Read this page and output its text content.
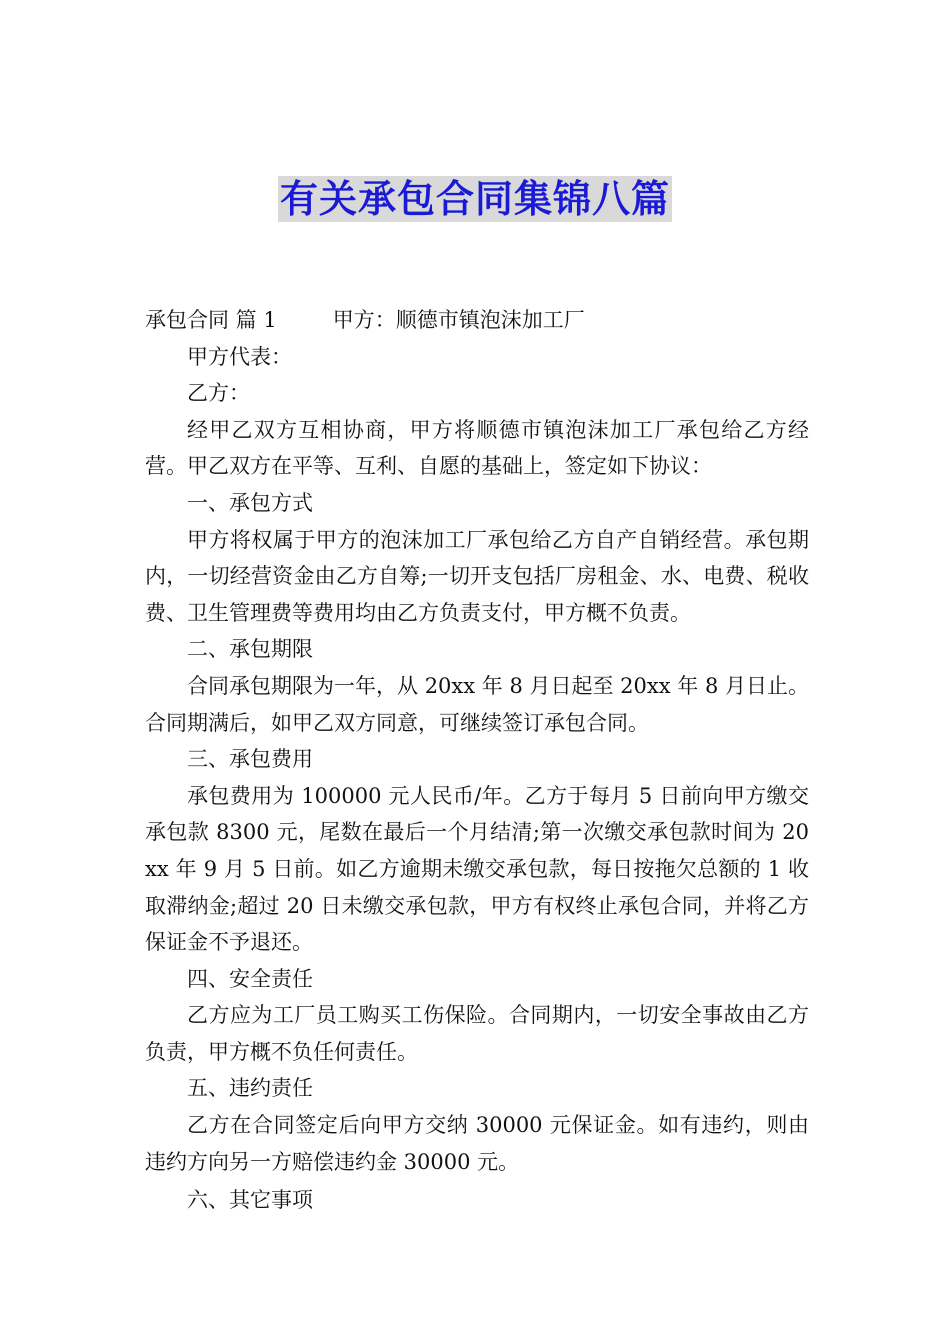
有关承包合同集锦八篇

承包合同 篇 1	甲方：顺德市镇泡沫加工厂

甲方代表：

乙方：

经甲乙双方互相协商，甲方将顺德市镇泡沫加工厂承包给乙方经营。甲乙双方在平等、互利、自愿的基础上，签定如下协议：

一、承包方式

甲方将权属于甲方的泡沫加工厂承包给乙方自产自销经营。承包期内，一切经营资金由乙方自筹;一切开支包括厂房租金、水、电费、税收费、卫生管理费等费用均由乙方负责支付，甲方概不负责。

二、承包期限

合同承包期限为一年，从 20xx 年 8 月日起至 20xx 年 8 月日止。合同期满后，如甲乙双方同意，可继续签订承包合同。

三、承包费用

承包费用为 100000 元人民币/年。乙方于每月 5 日前向甲方缴交承包款 8300 元，尾数在最后一个月结清;第一次缴交承包款时间为 20xx 年 9 月 5 日前。如乙方逾期未缴交承包款，每日按拖欠总额的 1 收取滞纳金;超过 20 日未缴交承包款，甲方有权终止承包合同，并将乙方保证金不予退还。

四、安全责任

乙方应为工厂员工购买工伤保险。合同期内，一切安全事故由乙方负责，甲方概不负任何责任。

五、违约责任

乙方在合同签定后向甲方交纳 30000 元保证金。如有违约，则由违约方向另一方赔偿违约金 30000 元。

六、其它事项
